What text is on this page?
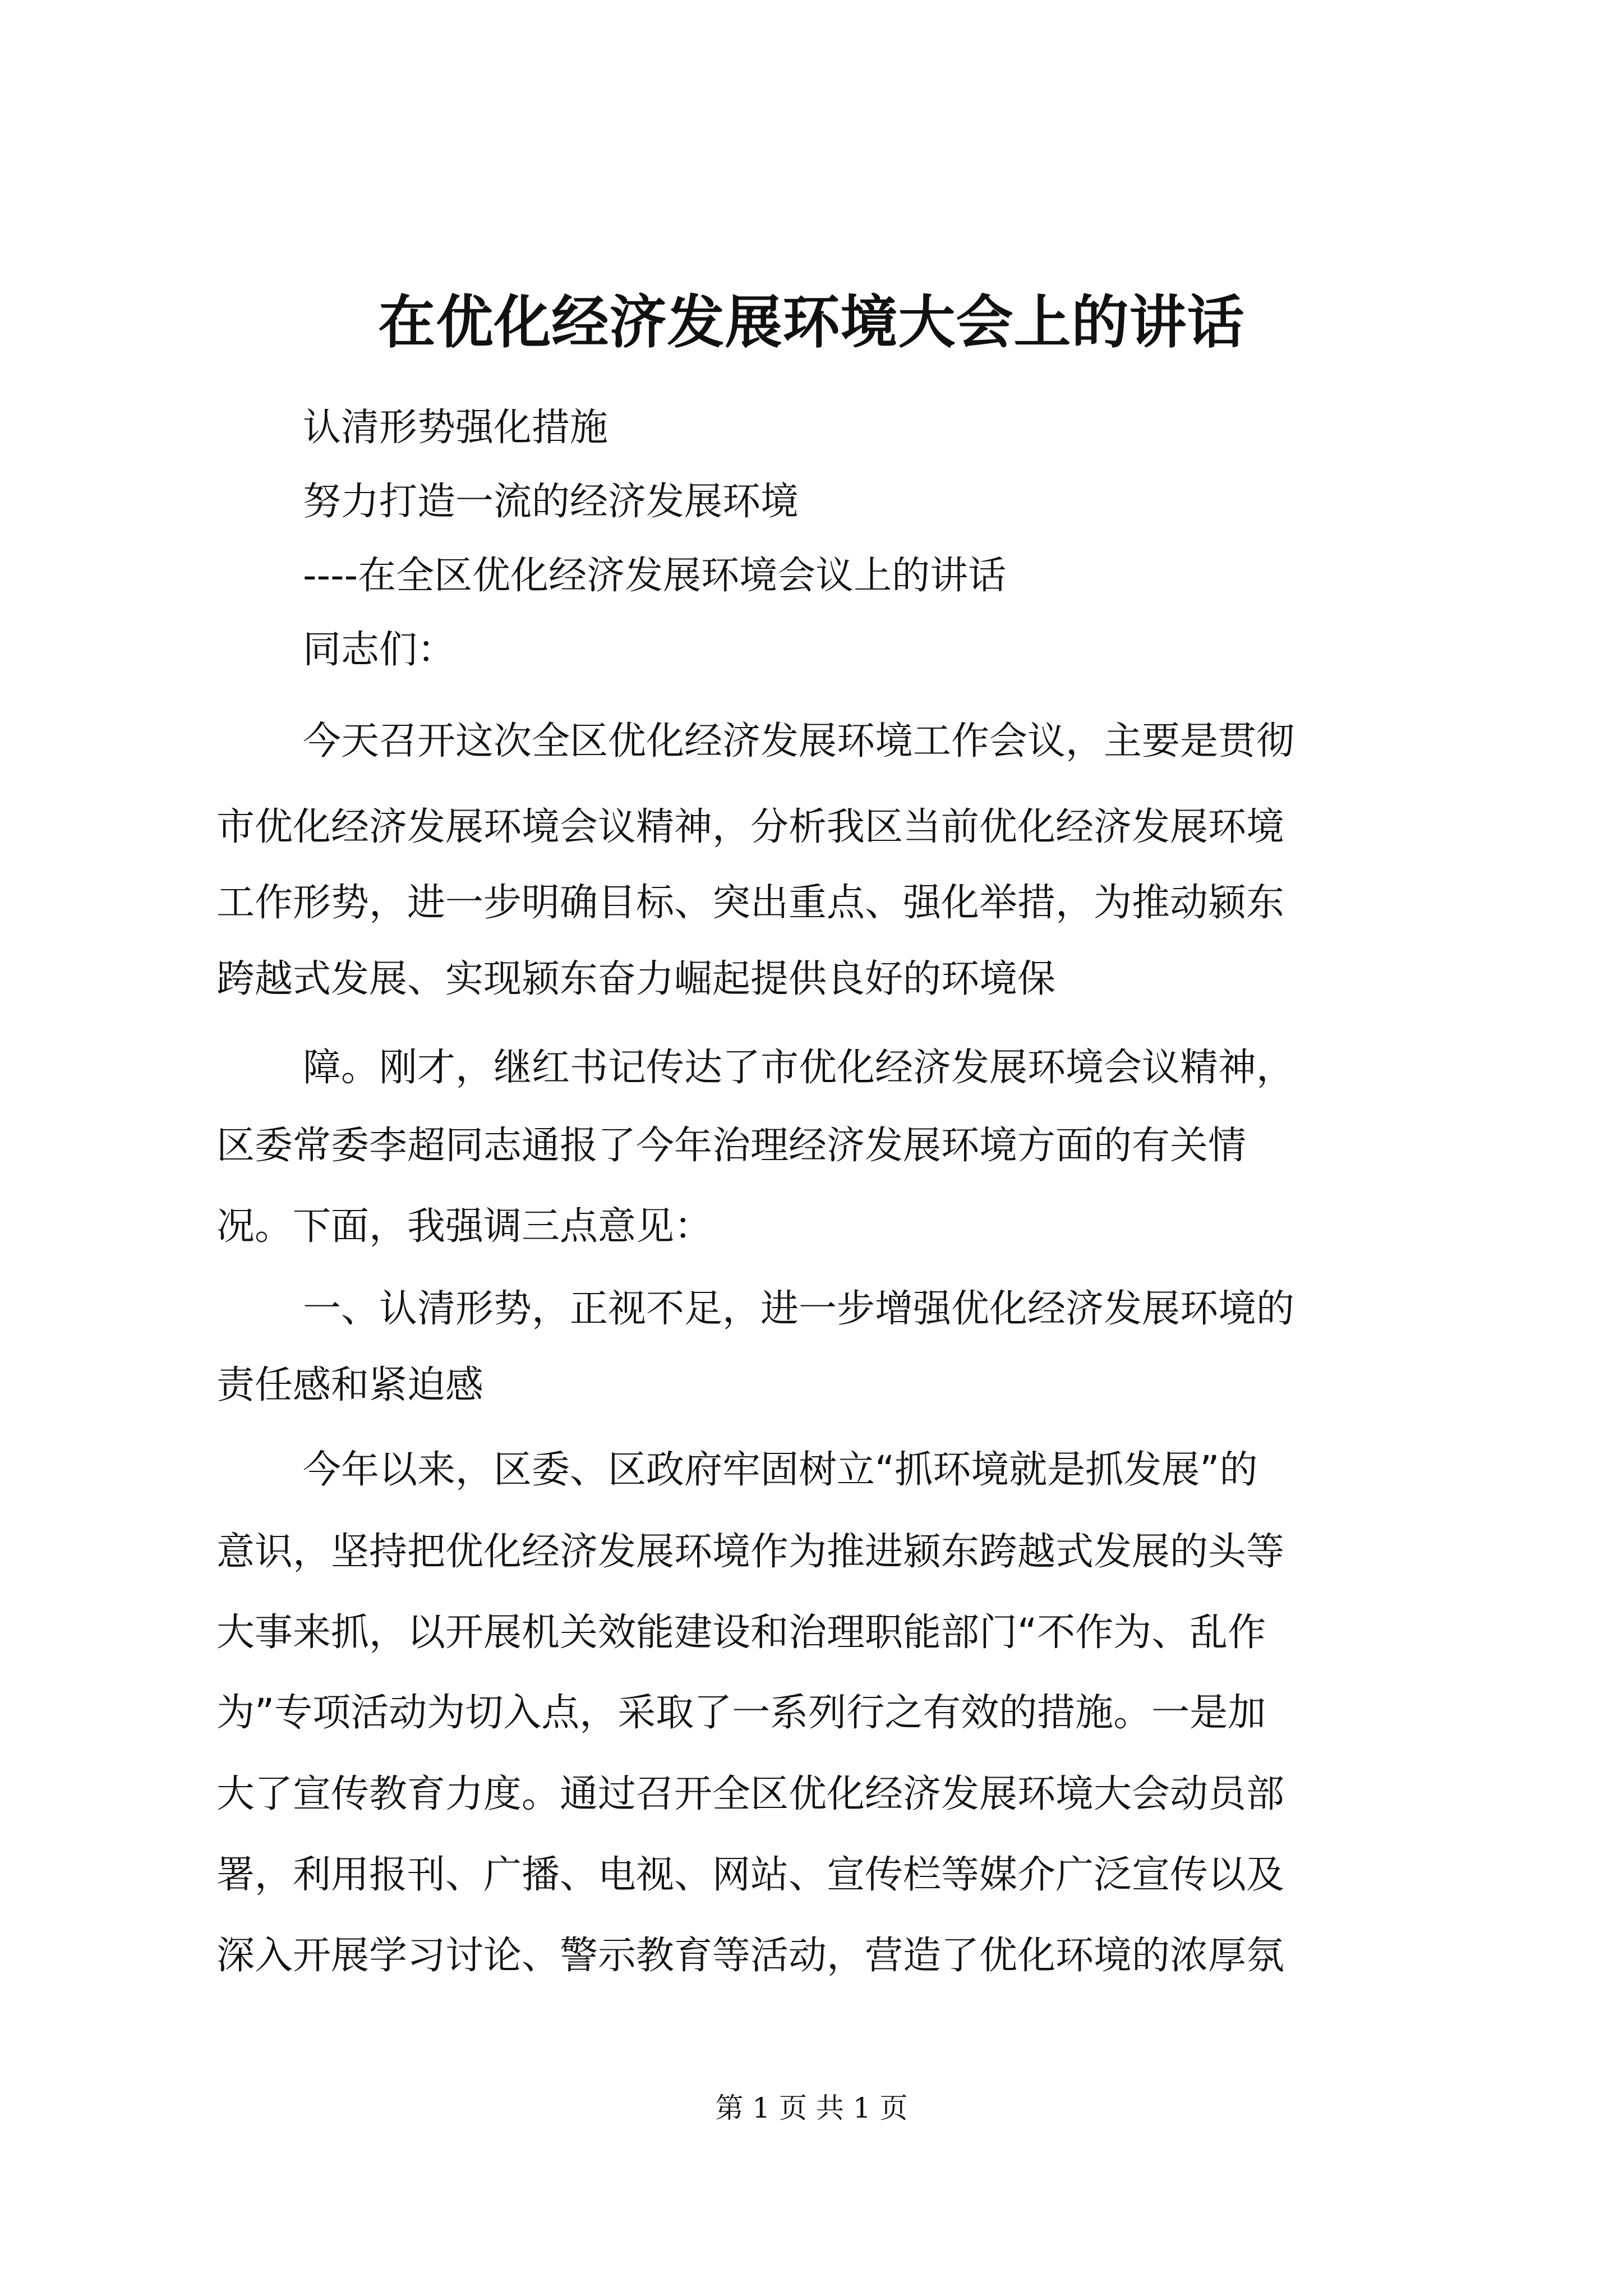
在优化经济发展环境大会上的讲话
认清形势强化措施
努力打造一流的经济发展环境
----在全区优化经济发展环境会议上的讲话
同志们：
今天召开这次全区优化经济发展环境工作会议，主要是贯彻
市优化经济发展环境会议精神，分析我区当前优化经济发展环境
工作形势，进一步明确目标、突出重点、强化举措，为推动颍东
跨越式发展、实现颍东奋力崛起提供良好的环境保
障。刚才，继红书记传达了市优化经济发展环境会议精神，
区委常委李超同志通报了今年治理经济发展环境方面的有关情
况。下面，我强调三点意见：
一、认清形势，正视不足，进一步增强优化经济发展环境的
责任感和紧迫感
今年以来，区委、区政府牢固树立“抓环境就是抓发展”的
意识，坚持把优化经济发展环境作为推进颍东跨越式发展的头等
大事来抓，以开展机关效能建设和治理职能部门“不作为、乱作
为”专项活动为切入点，采取了一系列行之有效的措施。一是加
大了宣传教育力度。通过召开全区优化经济发展环境大会动员部
署，利用报刊、广播、电视、网站、宣传栏等媒介广泛宣传以及
深入开展学习讨论、警示教育等活动，营造了优化环境的浓厚氛
第 1 页 共 1 页
